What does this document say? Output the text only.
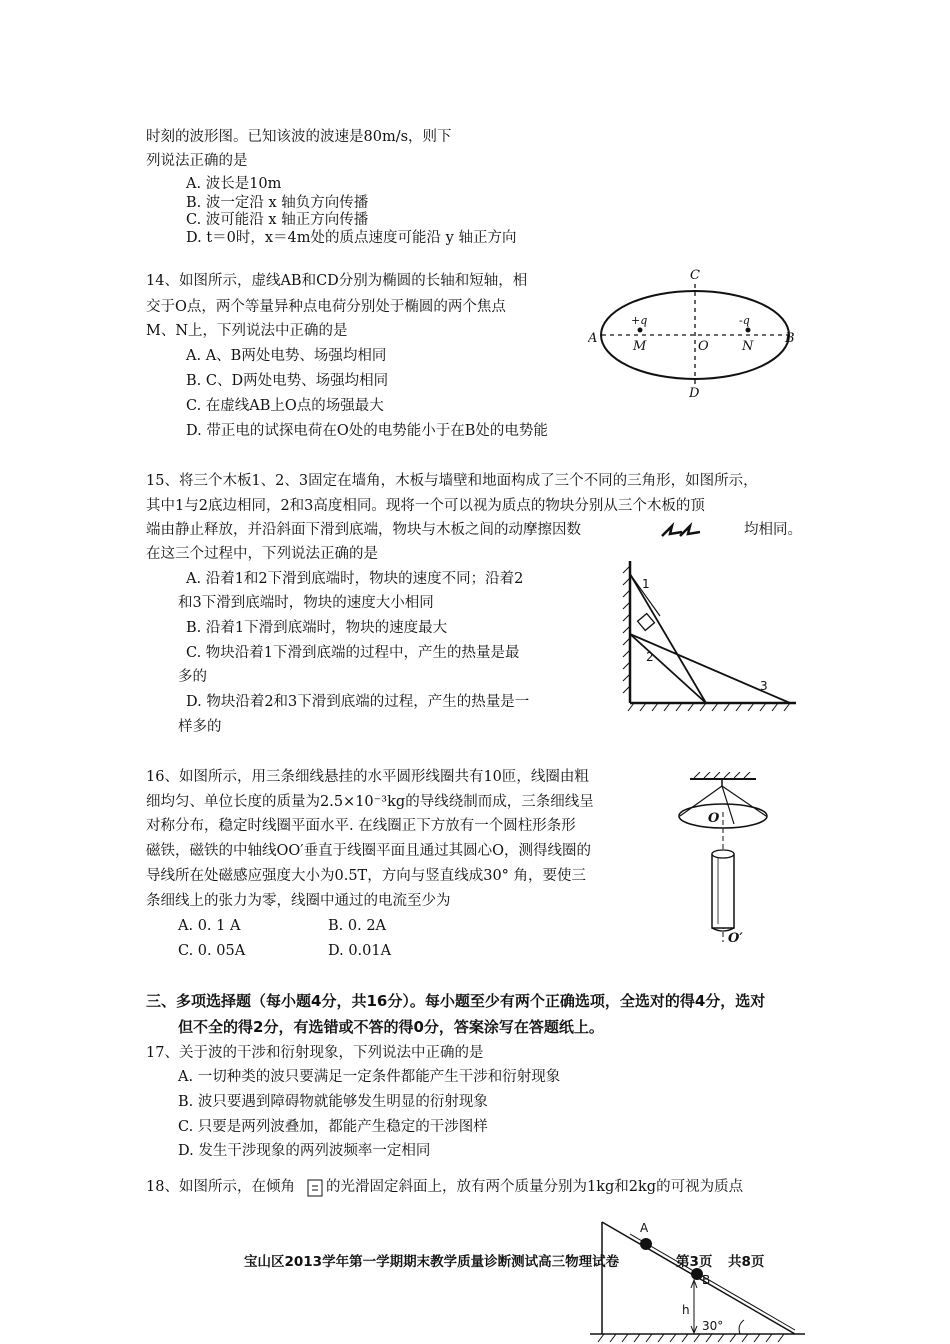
时刻的波形图。已知该波的波速是80m/s，则下
列说法正确的是
A. 波长是10m
B. 波一定沿 x 轴负方向传播
C. 波可能沿 x 轴正方向传播
D. t＝0时，x＝4m处的质点速度可能沿 y 轴正方向
14、如图所示，虚线AB和CD分别为椭圆的长轴和短轴，相
交于O点，两个等量异种点电荷分别处于椭圆的两个焦点
M、N上，下列说法中正确的是
A. A、B两处电势、场强均相同
B. C、D两处电势、场强均相同
C. 在虚线AB上O点的场强最大
D. 带正电的试探电荷在O处的电势能小于在B处的电势能
A	B
C
D
M	N
O
+q	-q
15、将三个木板1、2、3固定在墙角，木板与墙壁和地面构成了三个不同的三角形，如图所示，
其中1与2底边相同，2和3高度相同。现将一个可以视为质点的物块分别从三个木板的顶
端由静止释放，并沿斜面下滑到底端，物块与木板之间的动摩擦因数	均相同。
在这三个过程中，下列说法正确的是
A. 沿着1和2下滑到底端时，物块的速度不同；沿着2
和3下滑到底端时，物块的速度大小相同
B. 沿着1下滑到底端时，物块的速度最大
C. 物块沿着1下滑到底端的过程中，产生的热量是最
多的
D. 物块沿着2和3下滑到底端的过程，产生的热量是一
样多的
1
2
3
16、如图所示，用三条细线悬挂的水平圆形线圈共有10匝，线圈由粗
细均匀、单位长度的质量为2.5×10⁻³kg的导线绕制而成，三条细线呈
对称分布，稳定时线圈平面水平. 在线圈正下方放有一个圆柱形条形
磁铁，磁铁的中轴线OO′垂直于线圈平面且通过其圆心O，测得线圈的
导线所在处磁感应强度大小为0.5T，方向与竖直线成30° 角，要使三
条细线上的张力为零，线圈中通过的电流至少为
A. 0. 1 A	B. 0. 2A
C. 0. 05A	D. 0.01A
O
O′
三、多项选择题（每小题4分，共16分）。每小题至少有两个正确选项，全选对的得4分，选对
但不全的得2分，有选错或不答的得0分，答案涂写在答题纸上。
17、关于波的干涉和衍射现象，下列说法中正确的是
A. 一切种类的波只要满足一定条件都能产生干涉和衍射现象
B. 波只要遇到障碍物就能够发生明显的衍射现象
C. 只要是两列波叠加，都能产生稳定的干涉图样
D. 发生干涉现象的两列波频率一定相同
18、如图所示，在倾角 的光滑固定斜面上，放有两个质量分别为1kg和2kg的可视为质点
A
B
h
30°
宝山区2013学年第一学期期末教学质量诊断测试高三物理试卷	第3页 共8页
